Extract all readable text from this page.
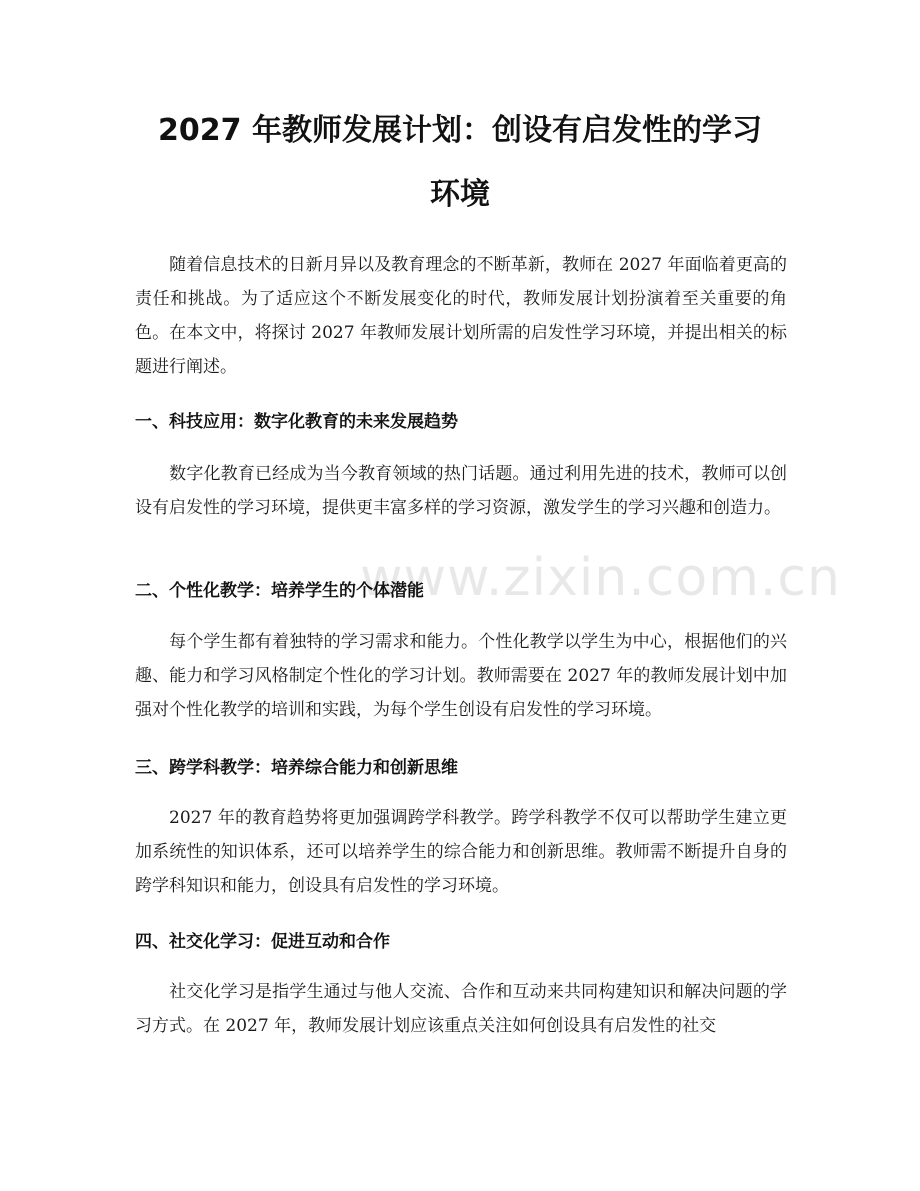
2027 年教师发展计划：创设有启发性的学习
环境

随着信息技术的日新月异以及教育理念的不断革新，教师在 2027 年面临着更高的责任和挑战。为了适应这个不断发展变化的时代，教师发展计划扮演着至关重要的角色。在本文中，将探讨 2027 年教师发展计划所需的启发性学习环境，并提出相关的标题进行阐述。

一、科技应用：数字化教育的未来发展趋势

数字化教育已经成为当今教育领域的热门话题。通过利用先进的技术，教师可以创设有启发性的学习环境，提供更丰富多样的学习资源，激发学生的学习兴趣和创造力。

二、个性化教学：培养学生的个体潜能

每个学生都有着独特的学习需求和能力。个性化教学以学生为中心，根据他们的兴趣、能力和学习风格制定个性化的学习计划。教师需要在 2027 年的教师发展计划中加强对个性化教学的培训和实践，为每个学生创设有启发性的学习环境。

三、跨学科教学：培养综合能力和创新思维

2027 年的教育趋势将更加强调跨学科教学。跨学科教学不仅可以帮助学生建立更加系统性的知识体系，还可以培养学生的综合能力和创新思维。教师需不断提升自身的跨学科知识和能力，创设具有启发性的学习环境。

四、社交化学习：促进互动和合作

社交化学习是指学生通过与他人交流、合作和互动来共同构建知识和解决问题的学习方式。在 2027 年，教师发展计划应该重点关注如何创设具有启发性的社交

www.zixin.com.cn
